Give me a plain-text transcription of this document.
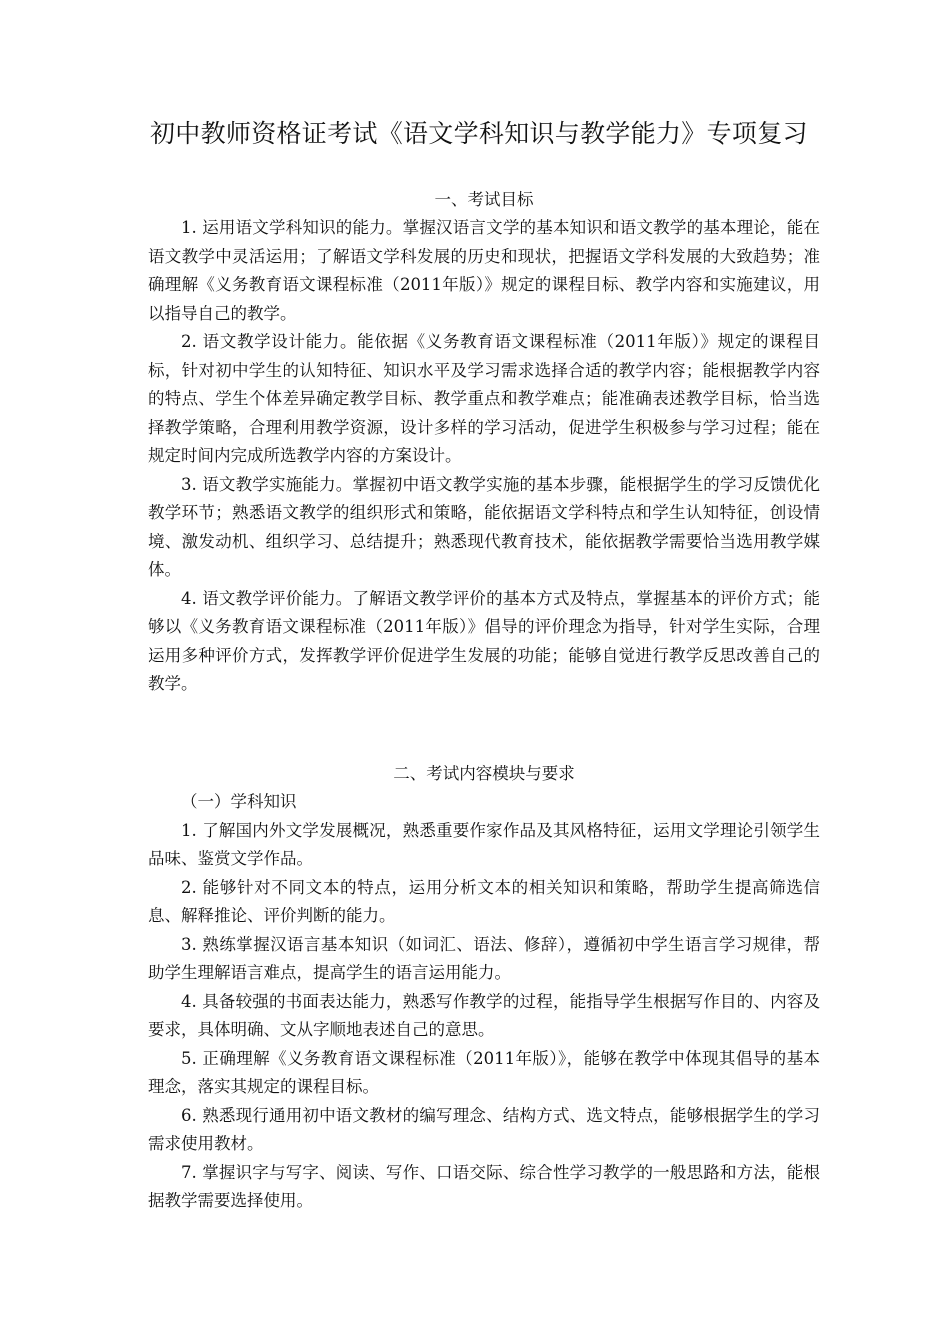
初中教师资格证考试《语文学科知识与教学能力》专项复习

一、考试目标

1. 运用语文学科知识的能力。掌握汉语言文学的基本知识和语文教学的基本理论，能在语文教学中灵活运用；了解语文学科发展的历史和现状，把握语文学科发展的大致趋势；准确理解《义务教育语文课程标准（2011年版）》规定的课程目标、教学内容和实施建议，用以指导自己的教学。

2. 语文教学设计能力。能依据《义务教育语文课程标准（2011年版）》规定的课程目标，针对初中学生的认知特征、知识水平及学习需求选择合适的教学内容；能根据教学内容的特点、学生个体差异确定教学目标、教学重点和教学难点；能准确表述教学目标，恰当选择教学策略，合理利用教学资源，设计多样的学习活动，促进学生积极参与学习过程；能在规定时间内完成所选教学内容的方案设计。

3. 语文教学实施能力。掌握初中语文教学实施的基本步骤，能根据学生的学习反馈优化教学环节；熟悉语文教学的组织形式和策略，能依据语文学科特点和学生认知特征，创设情境、激发动机、组织学习、总结提升；熟悉现代教育技术，能依据教学需要恰当选用教学媒体。

4. 语文教学评价能力。了解语文教学评价的基本方式及特点，掌握基本的评价方式；能够以《义务教育语文课程标准（2011年版）》倡导的评价理念为指导，针对学生实际，合理运用多种评价方式，发挥教学评价促进学生发展的功能；能够自觉进行教学反思改善自己的教学。

二、考试内容模块与要求

（一）学科知识

1. 了解国内外文学发展概况，熟悉重要作家作品及其风格特征，运用文学理论引领学生品味、鉴赏文学作品。

2. 能够针对不同文本的特点，运用分析文本的相关知识和策略，帮助学生提高筛选信息、解释推论、评价判断的能力。

3. 熟练掌握汉语言基本知识（如词汇、语法、修辞），遵循初中学生语言学习规律，帮助学生理解语言难点，提高学生的语言运用能力。

4. 具备较强的书面表达能力，熟悉写作教学的过程，能指导学生根据写作目的、内容及要求，具体明确、文从字顺地表述自己的意思。

5. 正确理解《义务教育语文课程标准（2011年版）》，能够在教学中体现其倡导的基本理念，落实其规定的课程目标。

6. 熟悉现行通用初中语文教材的编写理念、结构方式、选文特点，能够根据学生的学习需求使用教材。

7. 掌握识字与写字、阅读、写作、口语交际、综合性学习教学的一般思路和方法，能根据教学需要选择使用。
